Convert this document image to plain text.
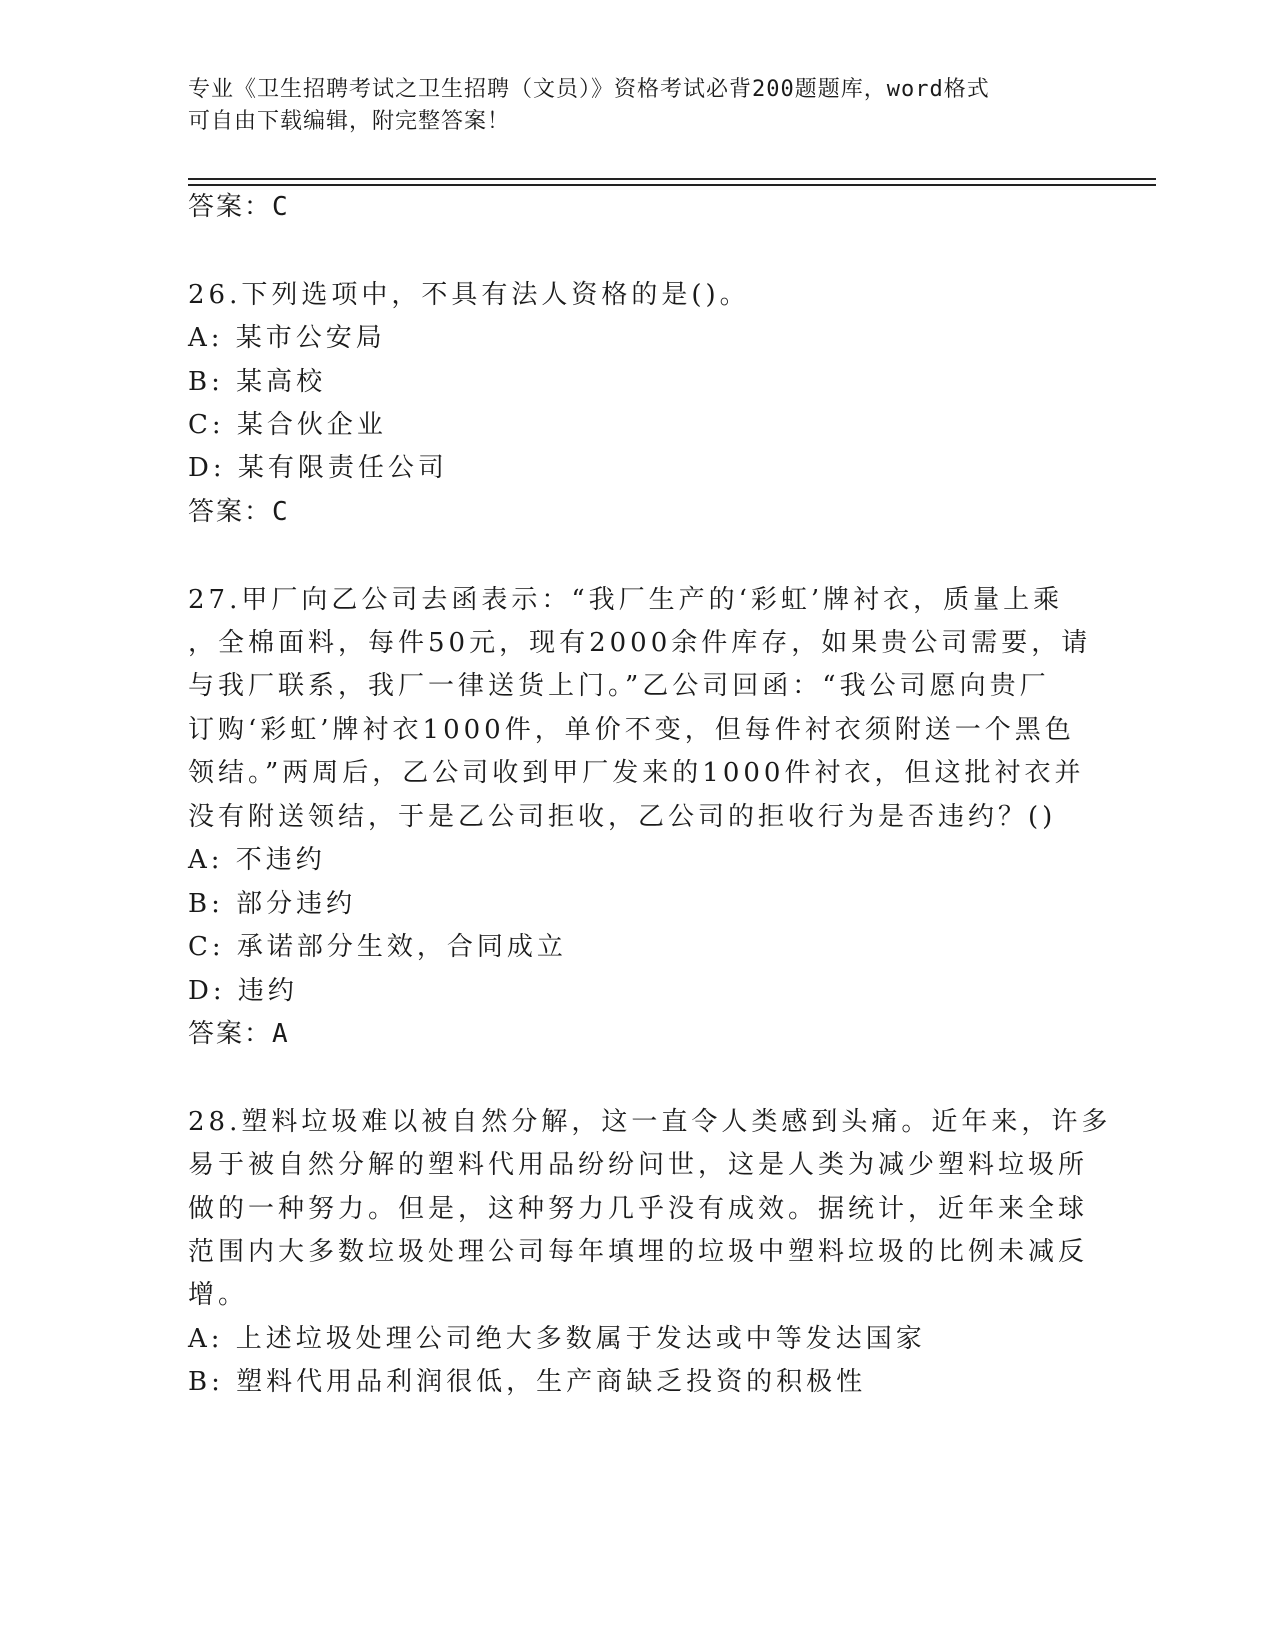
专业《卫生招聘考试之卫生招聘（文员）》资格考试必背200题题库，word格式
可自由下载编辑，附完整答案！
答案：C
26.下列选项中，不具有法人资格的是()。
A: 某市公安局
B: 某高校
C: 某合伙企业
D: 某有限责任公司
答案：C
27.甲厂向乙公司去函表示：“我厂生产的‘彩虹’牌衬衣，质量上乘
，全棉面料，每件50元，现有2000余件库存，如果贵公司需要，请
与我厂联系，我厂一律送货上门。”乙公司回函：“我公司愿向贵厂
订购‘彩虹’牌衬衣1000件，单价不变，但每件衬衣须附送一个黑色
领结。”两周后，乙公司收到甲厂发来的1000件衬衣，但这批衬衣并
没有附送领结，于是乙公司拒收，乙公司的拒收行为是否违约？()
A: 不违约
B: 部分违约
C: 承诺部分生效，合同成立
D: 违约
答案：A
28.塑料垃圾难以被自然分解，这一直令人类感到头痛。近年来，许多
易于被自然分解的塑料代用品纷纷问世，这是人类为减少塑料垃圾所
做的一种努力。但是，这种努力几乎没有成效。据统计，近年来全球
范围内大多数垃圾处理公司每年填埋的垃圾中塑料垃圾的比例未减反
增。
A: 上述垃圾处理公司绝大多数属于发达或中等发达国家
B: 塑料代用品利润很低，生产商缺乏投资的积极性
